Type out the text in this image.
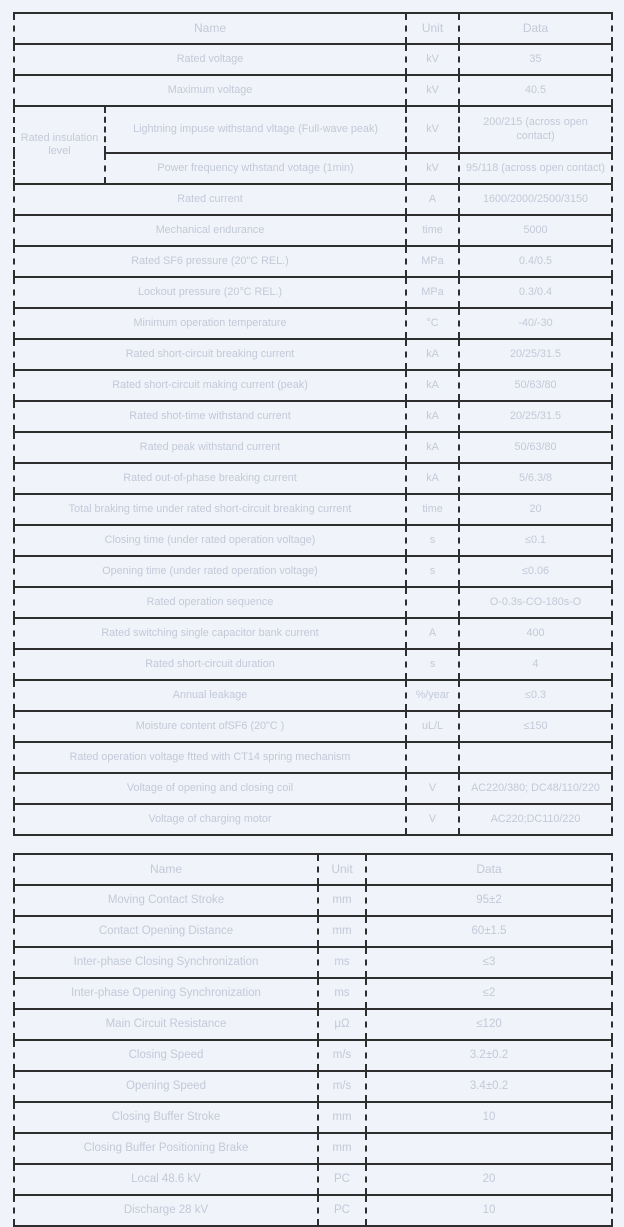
Name		Unit	Data
Rated voltage		kV	35
Maximum voltage		kV	40.5
Rated insulation level	Lightning impuse withstand vltage (Full-wave peak)	kV	200/215 (across open contact)
	Power frequency wthstand votage (1min)	kV	95/118 (across open contact)
Rated current		A	1600/2000/2500/3150
Mechanical endurance		time	5000
Rated SF6 pressure (20"C REL.)		MPa	0.4/0.5
Lockout pressure (20°C REL.)		MPa	0.3/0.4
Minimum operation temperature		°C	-40/-30
Rated short-circuit breaking current		kA	20/25/31.5
Rated short-circuit making current (peak)		kA	50/63/80
Rated shot-time withstand current		kA	20/25/31.5
Rated peak withstand current		kA	50/63/80
Rated out-of-phase breaking current		kA	5/6.3/8
Total braking time under rated short-circuit breaking current		time	20
Closing time (under rated operation voltage)		s	≤0.1
Opening time (under rated operation voltage)		s	≤0.06
Rated operation sequence			O-0.3s-CO-180s-O
Rated switching single capacitor bank current		A	400
Rated short-circuit duration		s	4
Annual leakage		%/year	≤0.3
Moisture content ofSF6 (20"C )		uL/L	≤150
Rated operation voltage ftted with CT14 spring mechanism			
Voltage of opening and closing coil		V	AC220/380; DC48/110/220
Voltage of charging motor		V	AC220;DC110/220
Name	Unit	Data
Moving Contact Stroke	mm	95±2
Contact Opening Distance	mm	60±1.5
Inter-phase Closing Synchronization	ms	≤3
Inter-phase Opening Synchronization	ms	≤2
Main Circuit Resistance	μΩ	≤120
Closing Speed	m/s	3.2±0.2
Opening Speed	m/s	3.4±0.2
Closing Buffer Stroke	mm	10
Closing Buffer Positioning Brake	mm	
Local 48.6 kV	PC	20
Discharge 28 kV	PC	10
